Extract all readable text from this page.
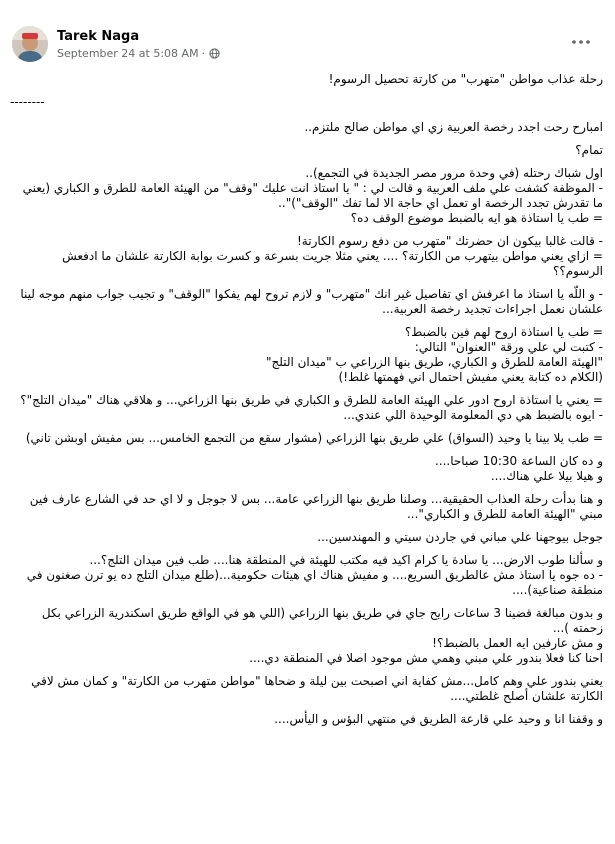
Tarek Naga
September 24 at 5:08 AM ·

رحلة عذاب مواطن "متهرب" من كارتة تحصيل الرسوم!

--------

امبارح رحت اجدد رخصة العربية زي اي مواطن صالح ملتزم..

تمام؟

اول شباك رحتله (في وحدة مرور مصر الجديدة في التجمع)..
- الموظفة كشفت علي ملف العربية و قالت لي : " يا استاذ انت عليك "وقف" من الهيئة العامة للطرق و الكباري (يعني ما تقدرش تجدد الرخصة او تعمل اي حاجة الا لما تفك "الوقف")"..
= طب يا استاذة هو ايه بالضبط موضوع الوقف ده؟

- قالت غالبا بيكون ان حضرتك "متهرب من دفع رسوم الكارتة!
= ازاي يعني مواطن بيتهرب من الكارتة؟ .... يعني مثلا جريت بسرعة و كسرت بوابة الكارتة علشان ما ادفعش الرسوم؟؟

- و اللّه يا استاذ ما اعرفش اي تفاصيل غير انك "متهرب" و لازم تروح لهم يفكوا "الوقف" و تجيب جواب منهم موجه لينا علشان نعمل اجراءات تجديد رخصة العربية...

= طب يا استاذة اروح لهم فين بالضبط؟
- كتبت لي علي ورقة "العنوان" التالي:
"الهيئة العامة للطرق و الكباري، طريق بنها الزراعي ب "ميدان التلج"
(الكلام ده كتابة يعني مفيش احتمال اني فهمتها غلط!)

= يعني يا استاذة اروح ادور علي الهيئة العامة للطرق و الكباري في طريق بنها الزراعي... و هلاقي هناك "ميدان التلج"؟
- ايوه بالضبط هي دي المعلومة الوحيدة اللي عندي...

= طب يلا بينا يا وحيد (السواق) علي طريق بنها الزراعي (مشوار سقع من التجمع الخامس... بس مفيش اوبشن تاني)

و ده كان الساعة 10:30 صباحا....
و هيلا بيلا علي هناك....

و هنا بدأت رحلة العذاب الحقيقية... وصلنا طريق بنها الزراعي عامة... بس لا جوجل و لا اي حد في الشارع عارف فين مبني "الهيئة العامة للطرق و الكباري"...

جوجل بيوجهنا علي مباني في جاردن سيتي و المهندسين...

و سألنا طوب الارض... يا سادة يا كرام اكيد فيه مكتب للهيئة في المنطقة هنا.... طب فين ميدان التلج؟...
- ده جوه يا استاذ مش عالطريق السريع.... و مفيش هناك اي هيئات حكومية...(طلع ميدان التلج ده يو ترن صغنون في منطقة صناعية)....

و بدون مبالغة قضينا 3 ساعات رايح جاي في طريق بنها الزراعي (اللي هو في الواقع طريق اسكندرية الزراعي بكل زحمته )...
و مش عارفين ايه العمل بالضبط؟!
احنا كنا فعلا بندور علي مبني وهمي مش موجود اصلا في المنطقة دي....

يعني بندور علي وهم كامل...مش كفاية اني اصبحت بين ليلة و ضحاها "مواطن متهرب من الكارتة" و كمان مش لاقي الكارتة علشان أصلح غلطتي....

و وقفنا انا و وحيد علي قارعة الطريق في منتهي البؤس و اليأس....
